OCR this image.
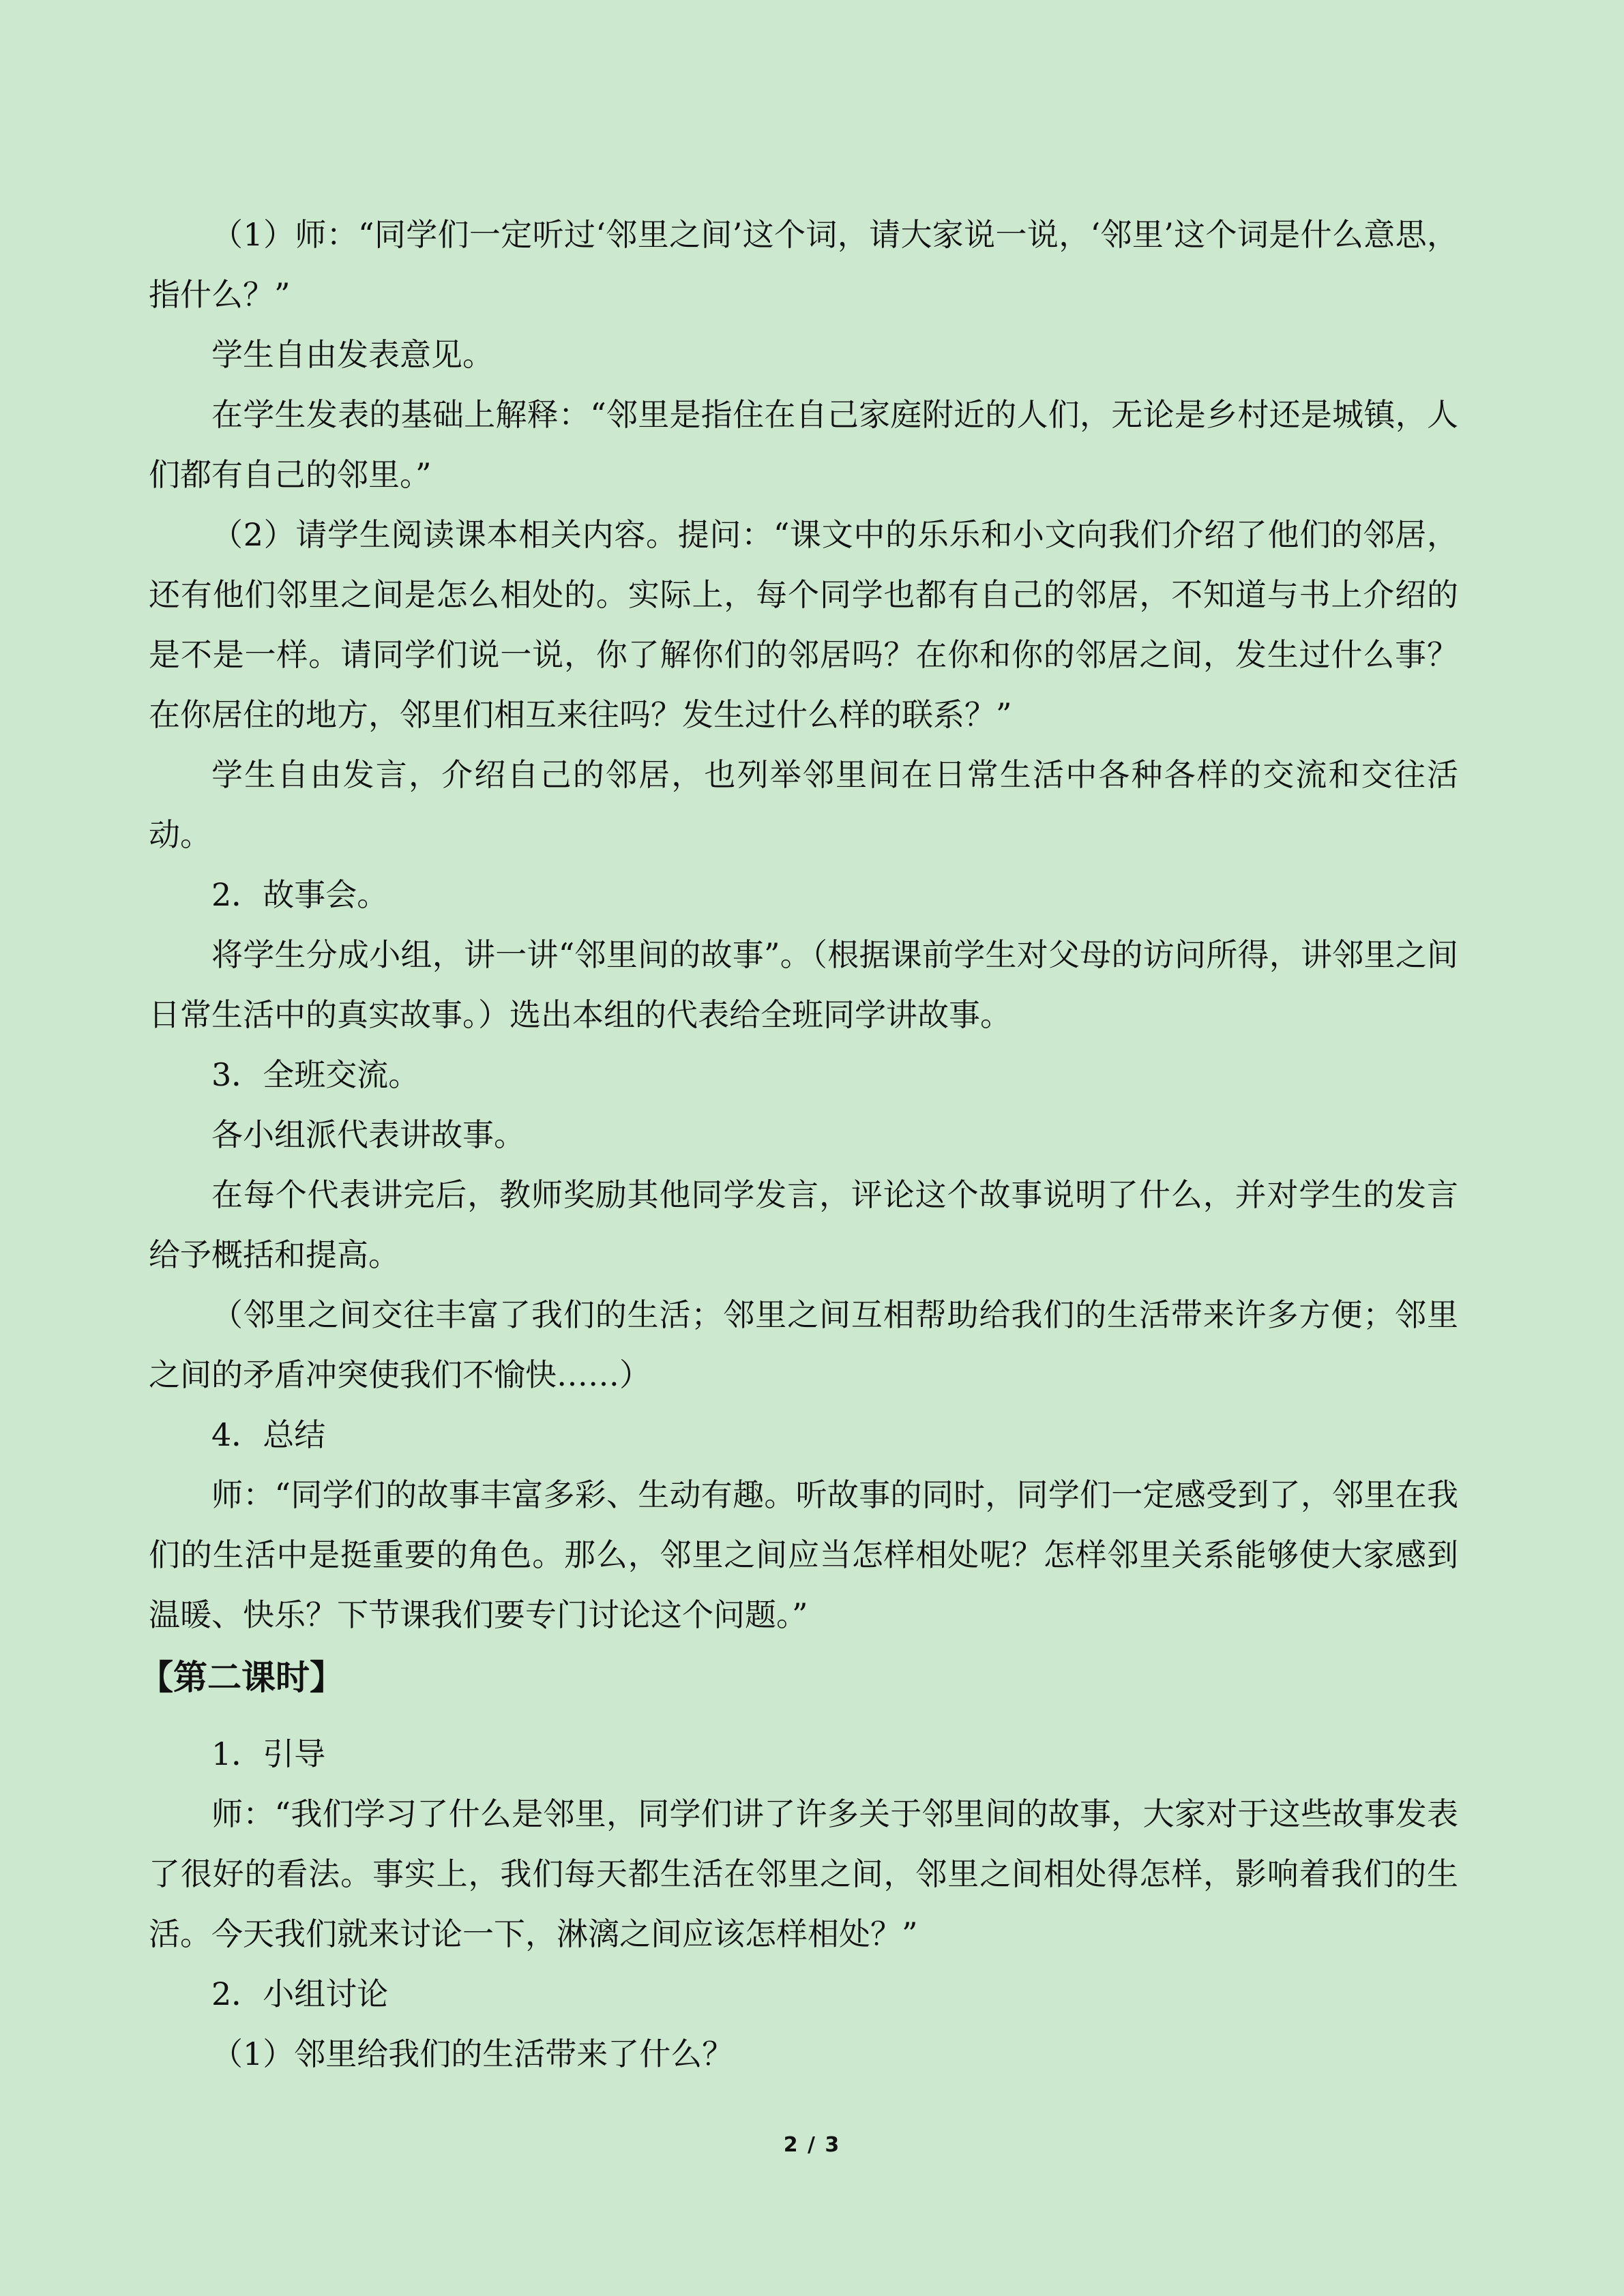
（1）师：“同学们一定听过‘邻里之间’这个词，请大家说一说，‘邻里’这个词是什么意思，指什么？”

学生自由发表意见。

在学生发表的基础上解释：“邻里是指住在自己家庭附近的人们，无论是乡村还是城镇，人们都有自己的邻里。”

（2）请学生阅读课本相关内容。提问：“课文中的乐乐和小文向我们介绍了他们的邻居，还有他们邻里之间是怎么相处的。实际上，每个同学也都有自己的邻居，不知道与书上介绍的是不是一样。请同学们说一说，你了解你们的邻居吗？在你和你的邻居之间，发生过什么事？在你居住的地方，邻里们相互来往吗？发生过什么样的联系？”

学生自由发言，介绍自己的邻居，也列举邻里间在日常生活中各种各样的交流和交往活动。

2．故事会。

将学生分成小组，讲一讲“邻里间的故事”。（根据课前学生对父母的访问所得，讲邻里之间日常生活中的真实故事。）选出本组的代表给全班同学讲故事。

3．全班交流。

各小组派代表讲故事。

在每个代表讲完后，教师奖励其他同学发言，评论这个故事说明了什么，并对学生的发言给予概括和提高。

（邻里之间交往丰富了我们的生活；邻里之间互相帮助给我们的生活带来许多方便；邻里之间的矛盾冲突使我们不愉快……）

4．总结

师：“同学们的故事丰富多彩、生动有趣。听故事的同时，同学们一定感受到了，邻里在我们的生活中是挺重要的角色。那么，邻里之间应当怎样相处呢？怎样邻里关系能够使大家感到温暖、快乐？下节课我们要专门讨论这个问题。”

【第二课时】

1．引导

师：“我们学习了什么是邻里，同学们讲了许多关于邻里间的故事，大家对于这些故事发表了很好的看法。事实上，我们每天都生活在邻里之间，邻里之间相处得怎样，影响着我们的生活。今天我们就来讨论一下，淋漓之间应该怎样相处？”

2．小组讨论

（1）邻里给我们的生活带来了什么？

2 / 3
